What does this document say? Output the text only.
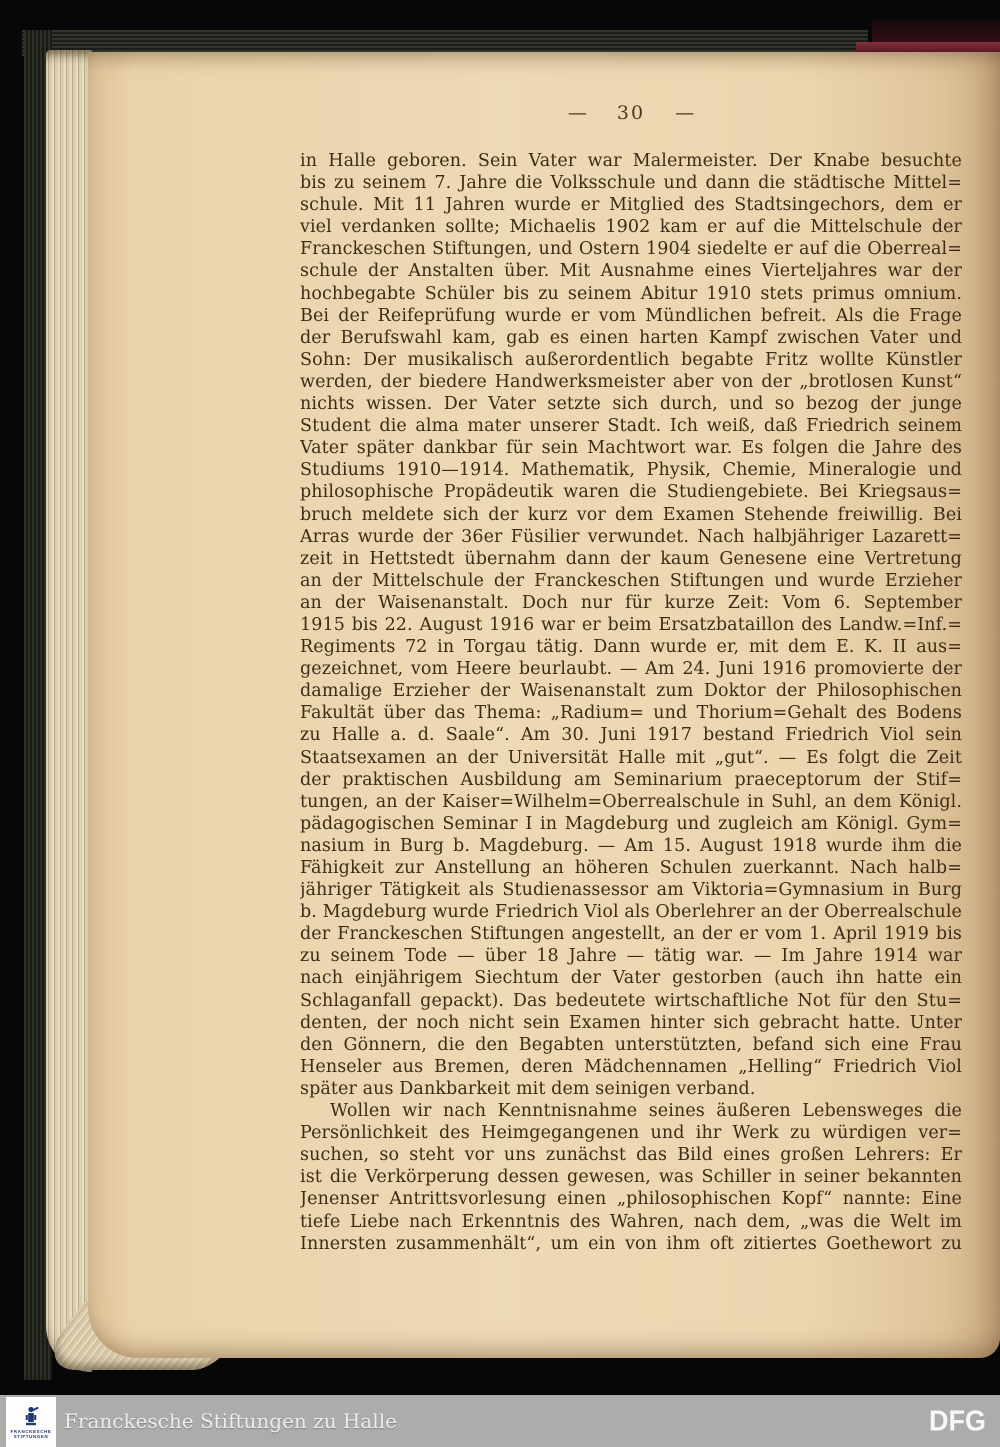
— 30 —
in Halle geboren. Sein Vater war Malermeister. Der Knabe besuchte
bis zu seinem 7. Jahre die Volksschule und dann die städtische Mittel=
schule. Mit 11 Jahren wurde er Mitglied des Stadtsingechors, dem er
viel verdanken sollte; Michaelis 1902 kam er auf die Mittelschule der
Franckeschen Stiftungen, und Ostern 1904 siedelte er auf die Oberreal=
schule der Anstalten über. Mit Ausnahme eines Vierteljahres war der
hochbegabte Schüler bis zu seinem Abitur 1910 stets primus omnium.
Bei der Reifeprüfung wurde er vom Mündlichen befreit. Als die Frage
der Berufswahl kam, gab es einen harten Kampf zwischen Vater und
Sohn: Der musikalisch außerordentlich begabte Fritz wollte Künstler
werden, der biedere Handwerksmeister aber von der „brotlosen Kunst“
nichts wissen. Der Vater setzte sich durch, und so bezog der junge
Student die alma mater unserer Stadt. Ich weiß, daß Friedrich seinem
Vater später dankbar für sein Machtwort war. Es folgen die Jahre des
Studiums 1910—1914. Mathematik, Physik, Chemie, Mineralogie und
philosophische Propädeutik waren die Studiengebiete. Bei Kriegsaus=
bruch meldete sich der kurz vor dem Examen Stehende freiwillig. Bei
Arras wurde der 36er Füsilier verwundet. Nach halbjähriger Lazarett=
zeit in Hettstedt übernahm dann der kaum Genesene eine Vertretung
an der Mittelschule der Franckeschen Stiftungen und wurde Erzieher
an der Waisenanstalt. Doch nur für kurze Zeit: Vom 6. September
1915 bis 22. August 1916 war er beim Ersatzbataillon des Landw.=Inf.=
Regiments 72 in Torgau tätig. Dann wurde er, mit dem E. K. II aus=
gezeichnet, vom Heere beurlaubt. — Am 24. Juni 1916 promovierte der
damalige Erzieher der Waisenanstalt zum Doktor der Philosophischen
Fakultät über das Thema: „Radium= und Thorium=Gehalt des Bodens
zu Halle a. d. Saale“. Am 30. Juni 1917 bestand Friedrich Viol sein
Staatsexamen an der Universität Halle mit „gut“. — Es folgt die Zeit
der praktischen Ausbildung am Seminarium praeceptorum der Stif=
tungen, an der Kaiser=Wilhelm=Oberrealschule in Suhl, an dem Königl.
pädagogischen Seminar I in Magdeburg und zugleich am Königl. Gym=
nasium in Burg b. Magdeburg. — Am 15. August 1918 wurde ihm die
Fähigkeit zur Anstellung an höheren Schulen zuerkannt. Nach halb=
jähriger Tätigkeit als Studienassessor am Viktoria=Gymnasium in Burg
b. Magdeburg wurde Friedrich Viol als Oberlehrer an der Oberrealschule
der Franckeschen Stiftungen angestellt, an der er vom 1. April 1919 bis
zu seinem Tode — über 18 Jahre — tätig war. — Im Jahre 1914 war
nach einjährigem Siechtum der Vater gestorben (auch ihn hatte ein
Schlaganfall gepackt). Das bedeutete wirtschaftliche Not für den Stu=
denten, der noch nicht sein Examen hinter sich gebracht hatte. Unter
den Gönnern, die den Begabten unterstützten, befand sich eine Frau
Henseler aus Bremen, deren Mädchennamen „Helling“ Friedrich Viol
später aus Dankbarkeit mit dem seinigen verband.
Wollen wir nach Kenntnisnahme seines äußeren Lebensweges die
Persönlichkeit des Heimgegangenen und ihr Werk zu würdigen ver=
suchen, so steht vor uns zunächst das Bild eines großen Lehrers: Er
ist die Verkörperung dessen gewesen, was Schiller in seiner bekannten
Jenenser Antrittsvorlesung einen „philosophischen Kopf“ nannte: Eine
tiefe Liebe nach Erkenntnis des Wahren, nach dem, „was die Welt im
Innersten zusammenhält“, um ein von ihm oft zitiertes Goethewort zu
FRANCKESCHE
STIFTUNGEN
Franckesche Stiftungen zu Halle	DFG
